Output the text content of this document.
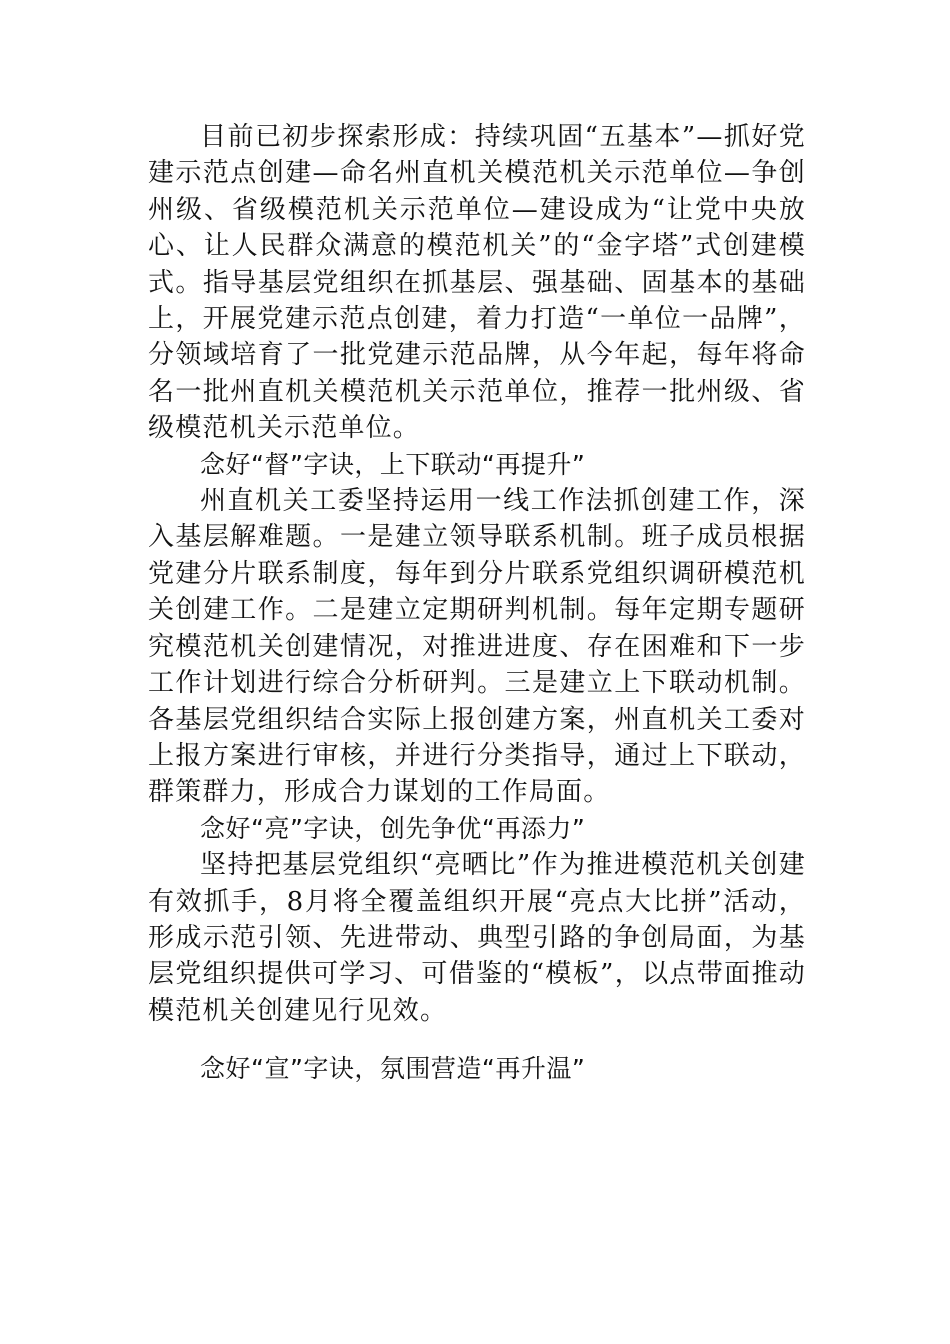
目前已初步探索形成：持续巩固“五基本”—抓好党建示范点创建—命名州直机关模范机关示范单位—争创州级、省级模范机关示范单位—建设成为“让党中央放心、让人民群众满意的模范机关”的“金字塔”式创建模式。指导基层党组织在抓基层、强基础、固基本的基础上，开展党建示范点创建，着力打造“一单位一品牌”，分领域培育了一批党建示范品牌，从今年起，每年将命名一批州直机关模范机关示范单位，推荐一批州级、省级模范机关示范单位。

念好“督”字诀，上下联动“再提升”

州直机关工委坚持运用一线工作法抓创建工作，深入基层解难题。一是建立领导联系机制。班子成员根据党建分片联系制度，每年到分片联系党组织调研模范机关创建工作。二是建立定期研判机制。每年定期专题研究模范机关创建情况，对推进进度、存在困难和下一步工作计划进行综合分析研判。三是建立上下联动机制。各基层党组织结合实际上报创建方案，州直机关工委对上报方案进行审核，并进行分类指导，通过上下联动，群策群力，形成合力谋划的工作局面。

念好“亮”字诀，创先争优“再添力”

坚持把基层党组织“亮晒比”作为推进模范机关创建有效抓手，8月将全覆盖组织开展“亮点大比拼”活动，形成示范引领、先进带动、典型引路的争创局面，为基层党组织提供可学习、可借鉴的“模板”，以点带面推动模范机关创建见行见效。

念好“宣”字诀，氛围营造“再升温”
